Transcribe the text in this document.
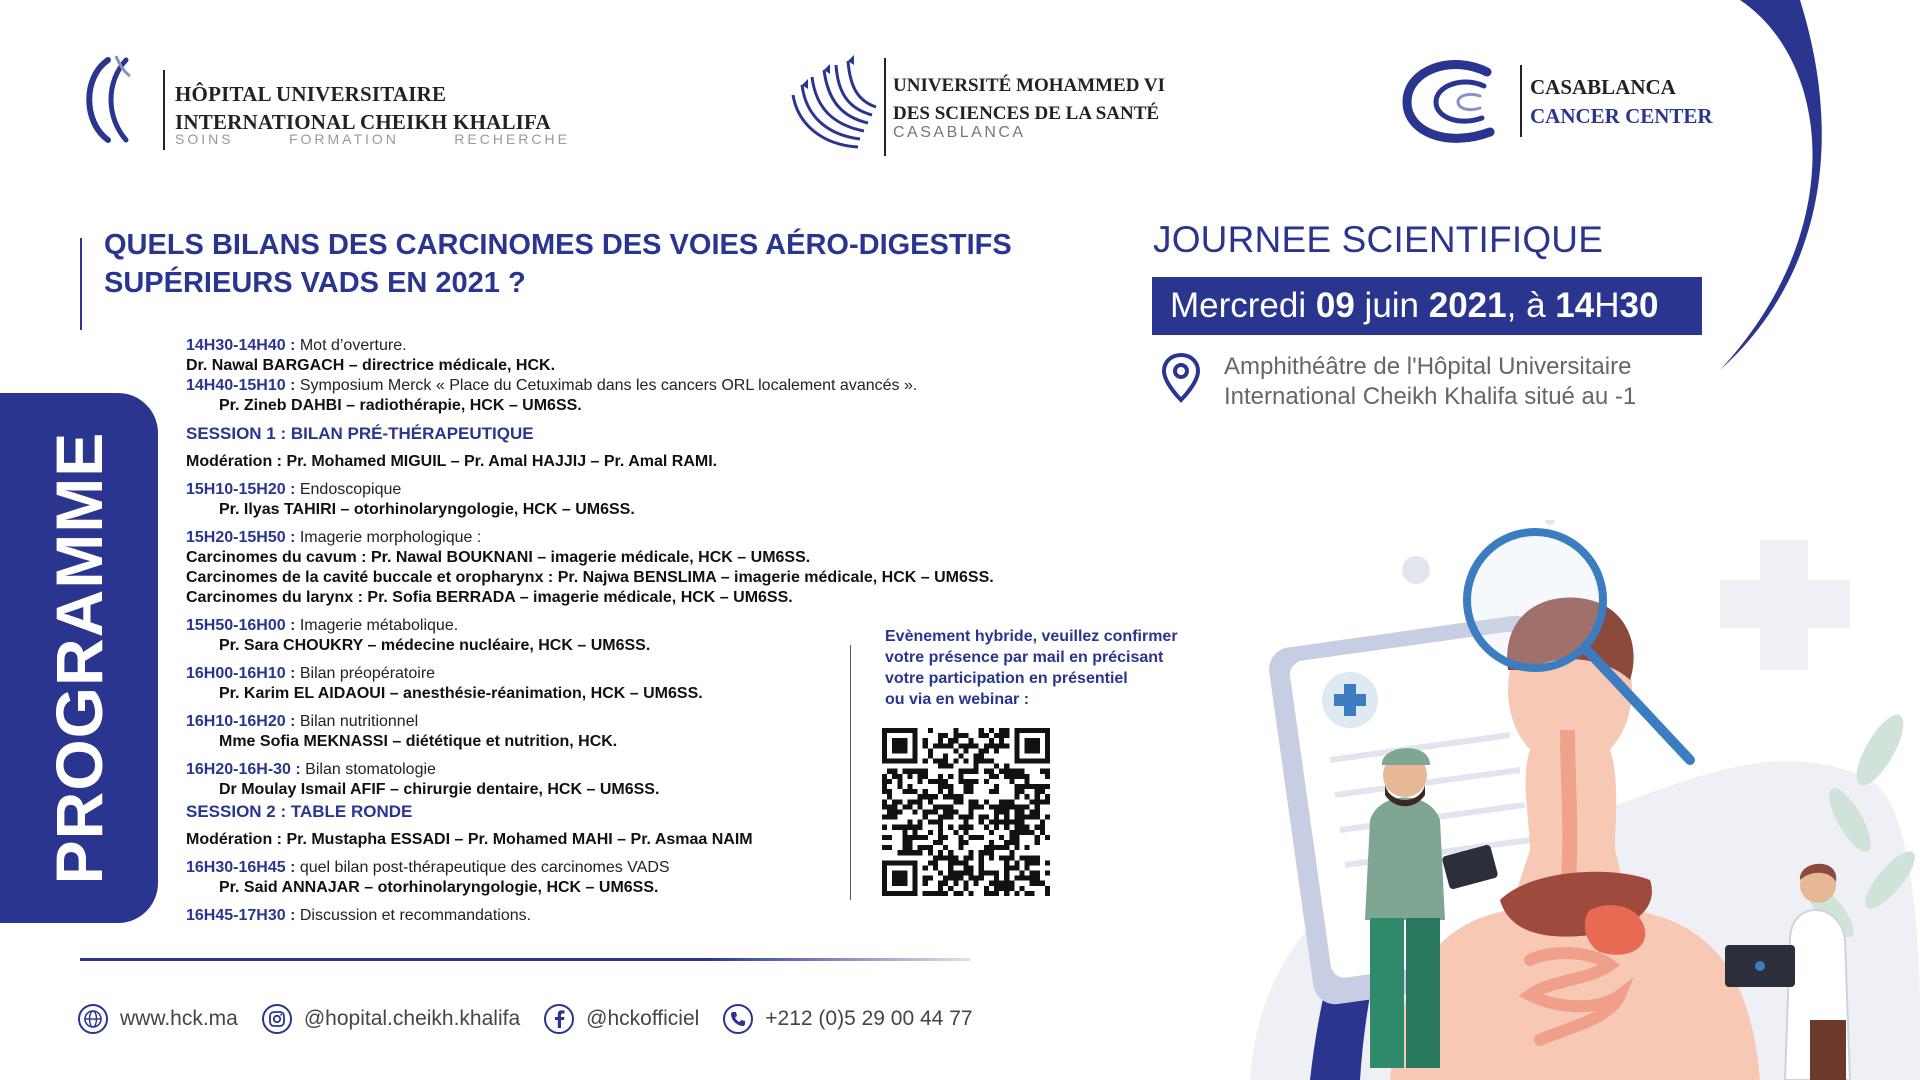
HÔPITAL UNIVERSITAIRE
INTERNATIONAL CHEIKH KHALIFA
SOINS	FORMATION	RECHERCHE
UNIVERSITÉ MOHAMMED VI
DES SCIENCES DE LA SANTÉ
CASABLANCA
CASABLANCA
CANCER CENTER
QUELS BILANS DES CARCINOMES DES VOIES AÉRO-DIGESTIFS
SUPÉRIEURS VADS EN 2021 ?
JOURNEE SCIENTIFIQUE
Mercredi 09 juin 2021, à 14H30
Amphithéâtre de l'Hôpital Universitaire
International Cheikh Khalifa situé au -1
PROGRAMME
14H30-14H40 : Mot d’overture.
Dr. Nawal BARGACH – directrice médicale, HCK.
14H40-15H10 : Symposium Merck « Place du Cetuximab dans les cancers ORL localement avancés ».
Pr. Zineb DAHBI – radiothérapie, HCK – UM6SS.
SESSION 1 : BILAN PRÉ-THÉRAPEUTIQUE
Modération : Pr. Mohamed MIGUIL – Pr. Amal HAJJIJ – Pr. Amal RAMI.
15H10-15H20 : Endoscopique
Pr. Ilyas TAHIRI – otorhinolaryngologie, HCK – UM6SS.
15H20-15H50 : Imagerie morphologique :
Carcinomes du cavum : Pr. Nawal BOUKNANI – imagerie médicale, HCK – UM6SS.
Carcinomes de la cavité buccale et oropharynx : Pr. Najwa BENSLIMA – imagerie médicale, HCK – UM6SS.
Carcinomes du larynx : Pr. Sofia BERRADA – imagerie médicale, HCK – UM6SS.
15H50-16H00 : Imagerie métabolique.
Pr. Sara CHOUKRY – médecine nucléaire, HCK – UM6SS.
16H00-16H10 : Bilan préopératoire
Pr. Karim EL AIDAOUI – anesthésie-réanimation, HCK – UM6SS.
16H10-16H20 : Bilan nutritionnel
Mme Sofia MEKNASSI – diététique et nutrition, HCK.
16H20-16H-30 : Bilan stomatologie
Dr Moulay Ismail AFIF – chirurgie dentaire, HCK – UM6SS.
SESSION 2 : TABLE RONDE
Modération : Pr. Mustapha ESSADI – Pr. Mohamed MAHI – Pr. Asmaa NAIM
16H30-16H45 : quel bilan post-thérapeutique des carcinomes VADS
Pr. Said ANNAJAR – otorhinolaryngologie, HCK – UM6SS.
16H45-17H30 : Discussion et recommandations.
Evènement hybride, veuillez confirmer
votre présence par mail en précisant
votre participation en présentiel
ou via en webinar :
www.hck.ma	@hopital.cheikh.khalifa	@hckofficiel	+212 (0)5 29 00 44 77
